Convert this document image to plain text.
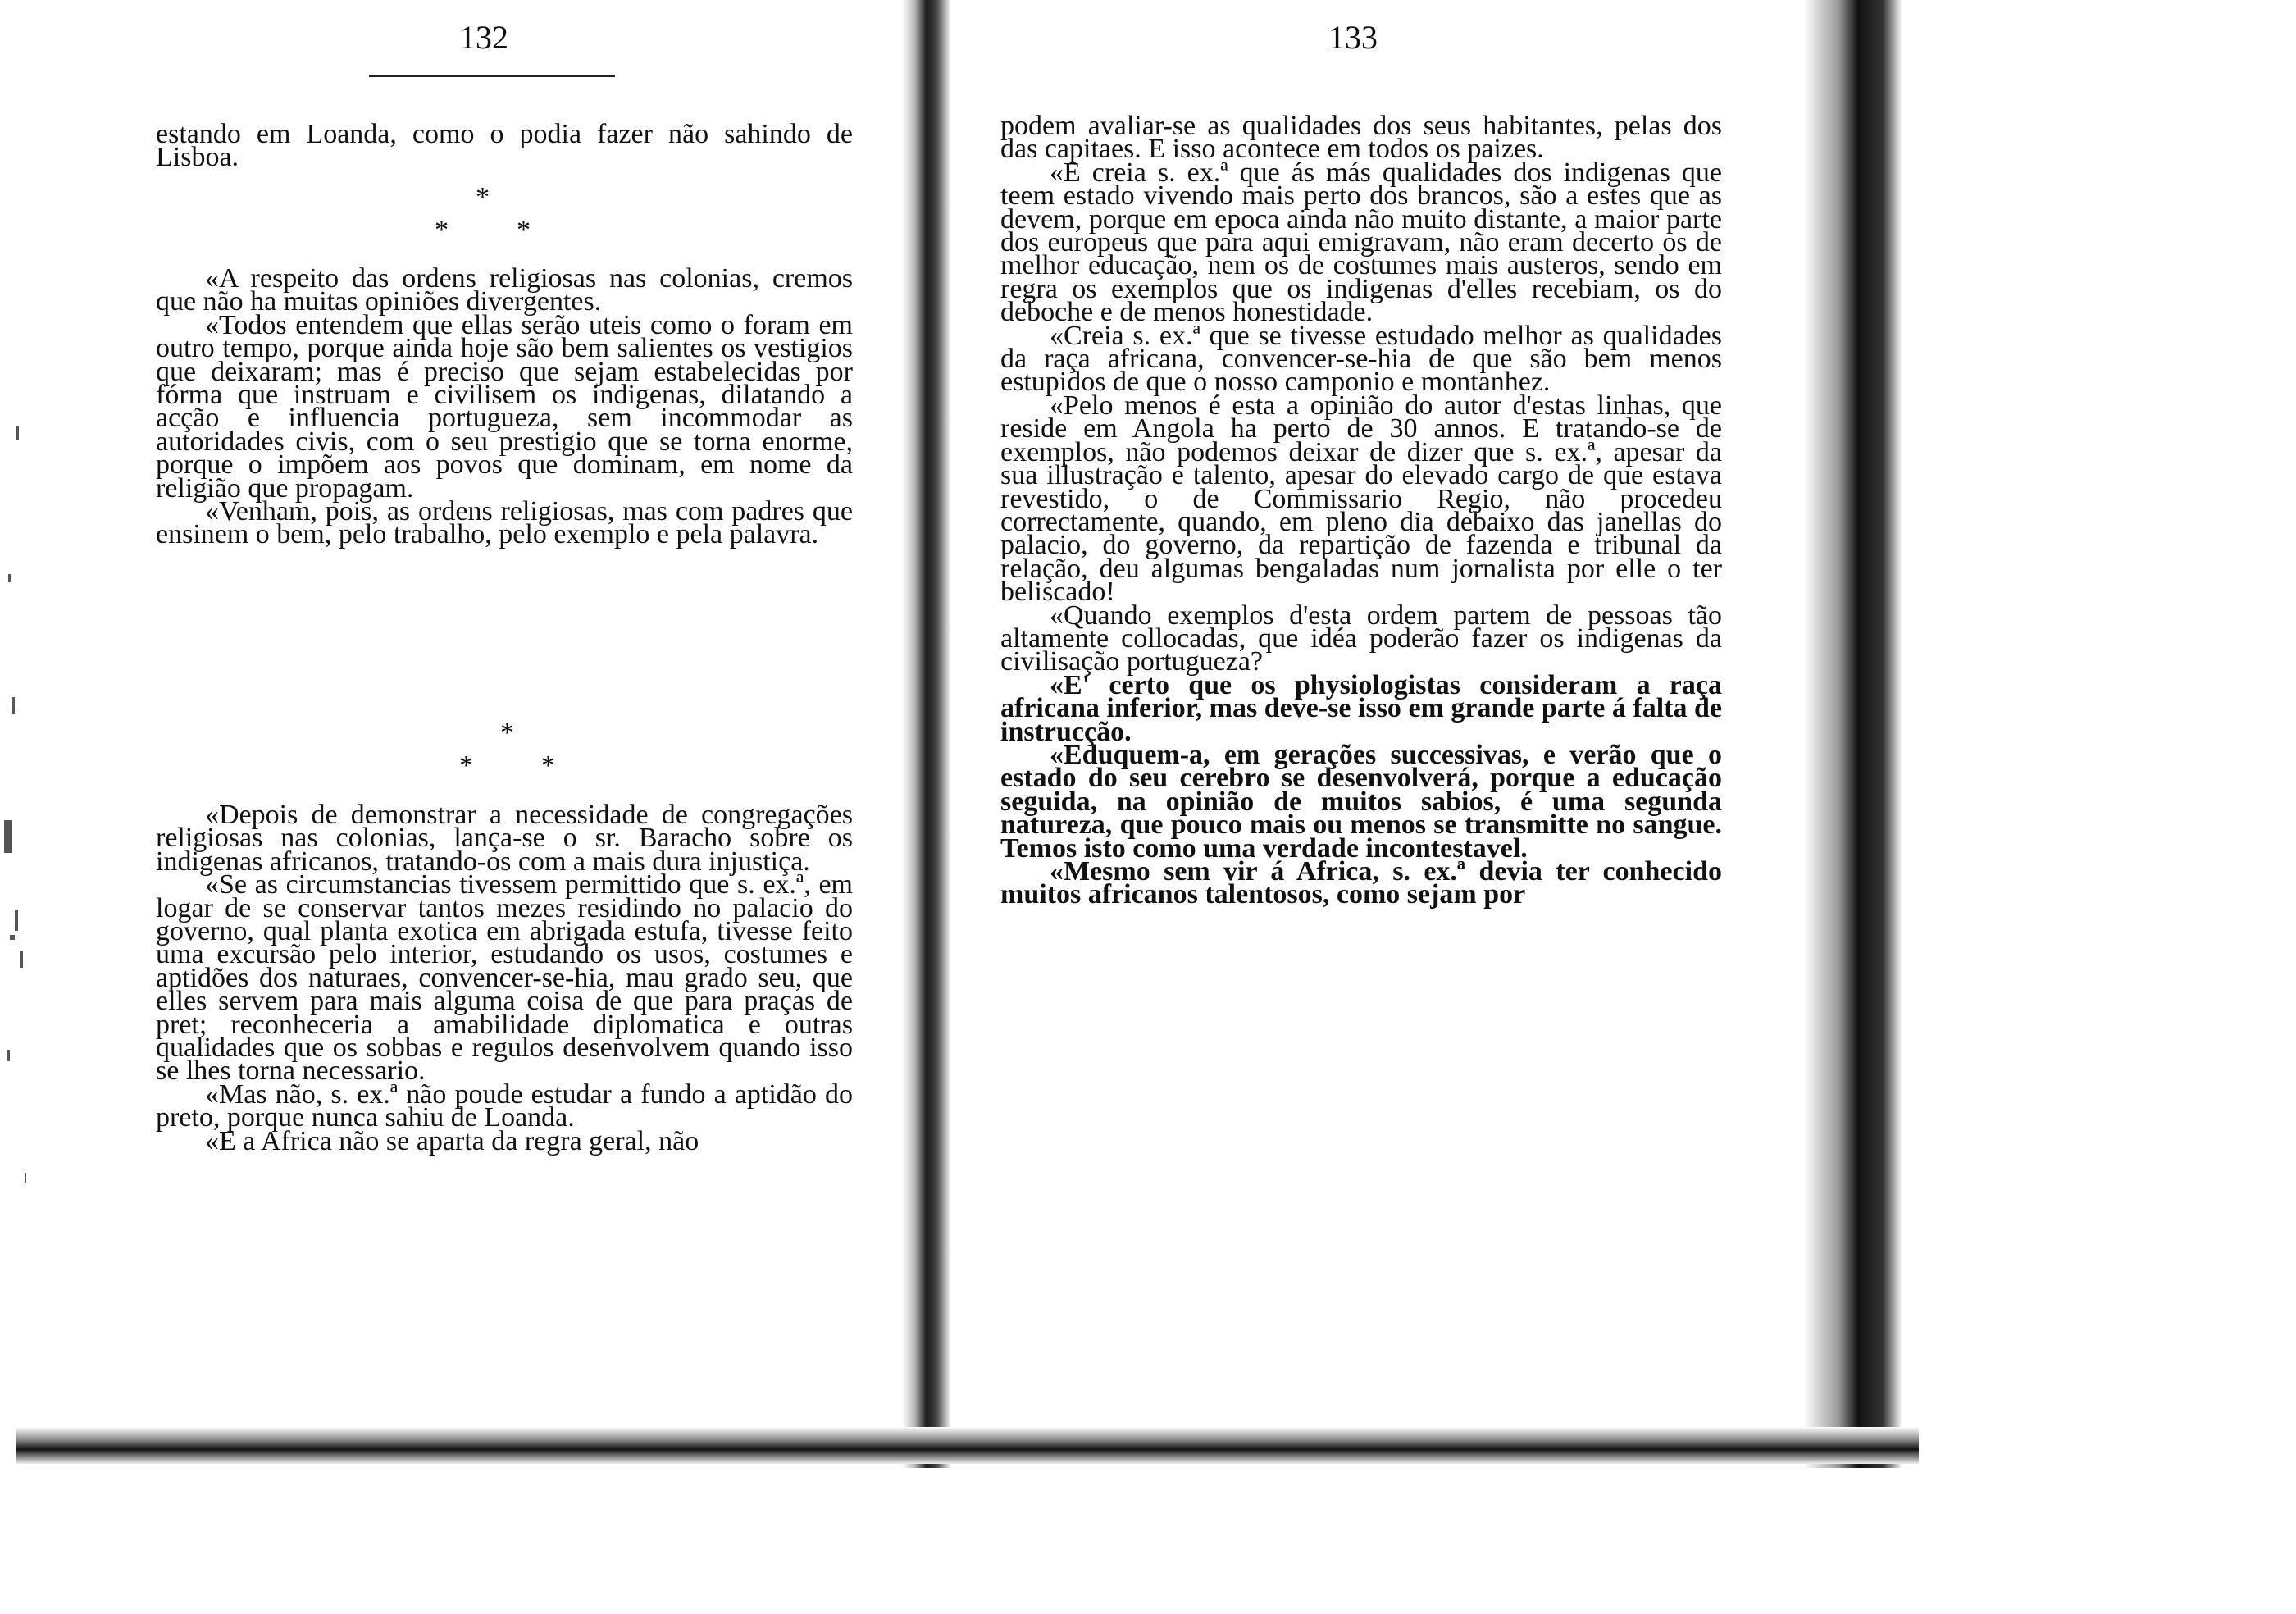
132

estando em Loanda, como o podia fazer não sahindo de Lisboa.

*
* *

«A respeito das ordens religiosas nas colonias, cremos que não ha muitas opiniões divergentes.

«Todos entendem que ellas serão uteis como o foram em outro tempo, porque ainda hoje são bem salientes os vestigios que deixaram; mas é preciso que sejam estabelecidas por fórma que instruam e civilisem os indigenas, dilatando a acção e influencia portugueza, sem incommodar as autoridades civis, com o seu prestigio que se torna enorme, porque o impõem aos povos que dominam, em nome da religião que propagam.

«Venham, pois, as ordens religiosas, mas com padres que ensinem o bem, pelo trabalho, pelo exemplo e pela palavra.

*
* *

«Depois de demonstrar a necessidade de congregações religiosas nas colonias, lança-se o sr. Baracho sobre os indigenas africanos, tratando-os com a mais dura injustiça.

«Se as circumstancias tivessem permittido que s. ex.ª, em logar de se conservar tantos mezes residindo no palacio do governo, qual planta exotica em abrigada estufa, tivesse feito uma excursão pelo interior, estudando os usos, costumes e aptidões dos naturaes, convencer-se-hia, mau grado seu, que elles servem para mais alguma coisa de que para praças de pret; reconheceria a amabilidade diplomatica e outras qualidades que os sobbas e regulos desenvolvem quando isso se lhes torna necessario.

«Mas não, s. ex.ª não poude estudar a fundo a aptidão do preto, porque nunca sahiu de Loanda.

«E a Africa não se aparta da regra geral, não

133

podem avaliar-se as qualidades dos seus habitantes, pelas dos das capitaes. E isso acontece em todos os paizes.

«E creia s. ex.ª que ás más qualidades dos indigenas que teem estado vivendo mais perto dos brancos, são a estes que as devem, porque em epoca ainda não muito distante, a maior parte dos europeus que para aqui emigravam, não eram decerto os de melhor educação, nem os de costumes mais austeros, sendo em regra os exemplos que os indigenas d'elles recebiam, os do deboche e de menos honestidade.

«Creia s. ex.ª que se tivesse estudado melhor as qualidades da raça africana, convencer-se-hia de que são bem menos estupidos de que o nosso camponio e montanhez.

«Pelo menos é esta a opinião do autor d'estas linhas, que reside em Angola ha perto de 30 annos. E tratando-se de exemplos, não podemos deixar de dizer que s. ex.ª, apesar da sua illustração e talento, apesar do elevado cargo de que estava revestido, o de Commissario Regio, não procedeu correctamente, quando, em pleno dia debaixo das janellas do palacio, do governo, da repartição de fazenda e tribunal da relação, deu algumas bengaladas num jornalista por elle o ter beliscado!

«Quando exemplos d'esta ordem partem de pessoas tão altamente collocadas, que idéa poderão fazer os indigenas da civilisação portugueza?

«E' certo que os physiologistas consideram a raça africana inferior, mas deve-se isso em grande parte á falta de instrucção.

«Eduquem-a, em gerações successivas, e verão que o estado do seu cerebro se desenvolverá, porque a educação seguida, na opinião de muitos sabios, é uma segunda natureza, que pouco mais ou menos se transmitte no sangue. Temos isto como uma verdade incontestavel.

«Mesmo sem vir á Africa, s. ex.ª devia ter conhecido muitos africanos talentosos, como sejam por
